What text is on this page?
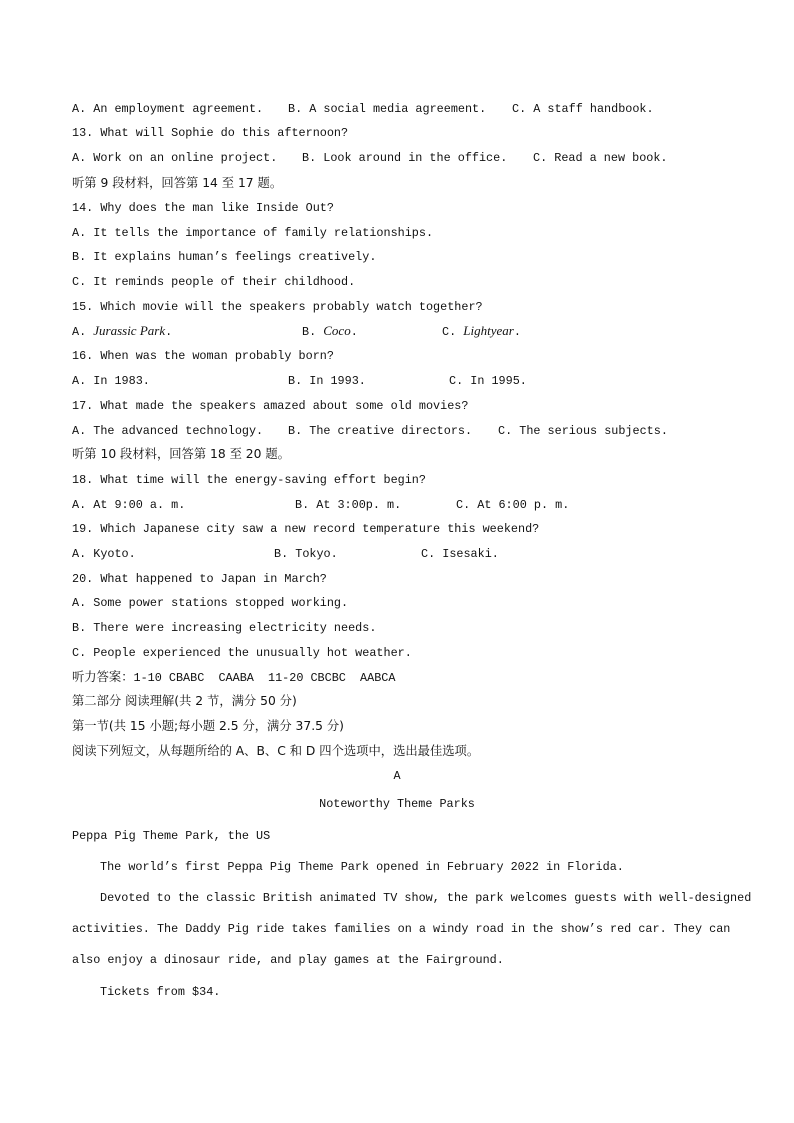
A. An employment agreement. B. A social media agreement. C. A staff handbook.
13. What will Sophie do this afternoon?
A. Work on an online project. B. Look around in the office. C. Read a new book.
听第 9 段材料，回答第 14 至 17 题。
14. Why does the man like Inside Out?
A. It tells the importance of family relationships.
B. It explains human’s feelings creatively.
C. It reminds people of their childhood.
15. Which movie will the speakers probably watch together?
A. Jurassic Park.	B. Coco.	C. Lightyear.
16. When was the woman probably born?
A. In 1983.	B. In 1993.	C. In 1995.
17. What made the speakers amazed about some old movies?
A. The advanced technology. B. The creative directors. C. The serious subjects.
听第 10 段材料，回答第 18 至 20 题。
18. What time will the energy-saving effort begin?
A. At 9:00 a. m.	B. At 3:00p. m.	C. At 6:00 p. m.
19. Which Japanese city saw a new record temperature this weekend?
A. Kyoto.	B. Tokyo.	C. Isesaki.
20. What happened to Japan in March?
A. Some power stations stopped working.
B. There were increasing electricity needs.
C. People experienced the unusually hot weather.
听力答案：1-10 CBABC  CAABA  11-20 CBCBC  AABCA
第二部分 阅读理解(共 2 节，满分 50 分)
第一节(共 15 小题;每小题 2.5 分，满分 37.5 分)
阅读下列短文，从每题所给的 A、B、C 和 D 四个选项中，选出最佳选项。
A
Noteworthy Theme Parks
Peppa Pig Theme Park, the US
The world’s first Peppa Pig Theme Park opened in February 2022 in Florida.
Devoted to the classic British animated TV show, the park welcomes guests with well-designed
activities. The Daddy Pig ride takes families on a windy road in the show’s red car. They can
also enjoy a dinosaur ride, and play games at the Fairground.
Tickets from $34.
